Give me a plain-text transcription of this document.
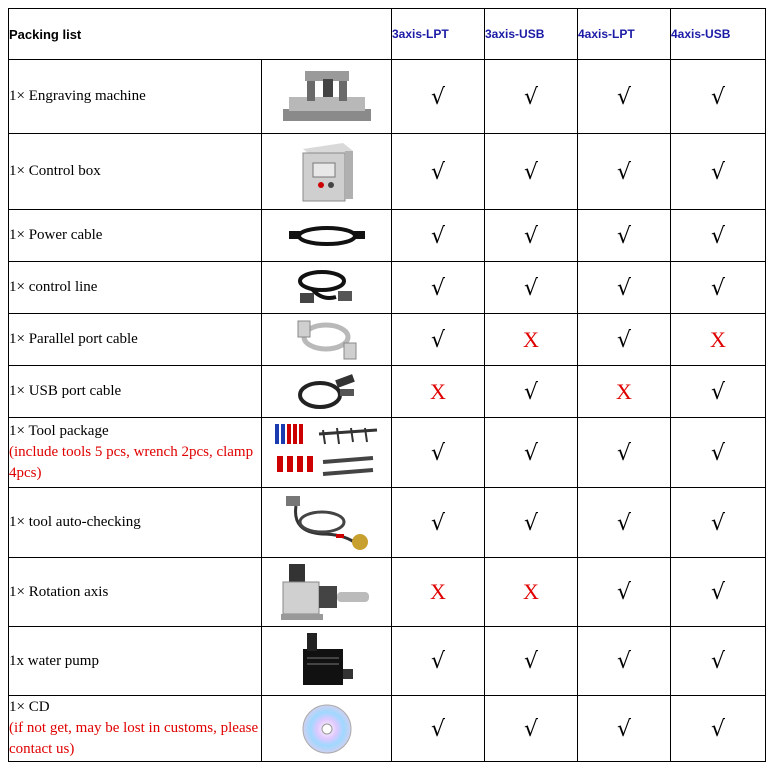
Packing list		3axis-LPT	3axis-USB	4axis-LPT	4axis-USB

1× Engraving machine		√	√	√	√

1× Control box		√	√	√	√

1× Power cable		√	√	√	√

1× control line		√	√	√	√

1× Parallel port cable		√	X	√	X

1× USB port cable		X	√	X	√

1× Tool package
(include tools 5 pcs, wrench 2pcs, clamp 4pcs)		√	√	√	√

1× tool auto-checking		√	√	√	√

1× Rotation axis		X	X	√	√

1x water pump		√	√	√	√

1× CD
(if not get, may be lost in customs, please contact us)		√	√	√	√
